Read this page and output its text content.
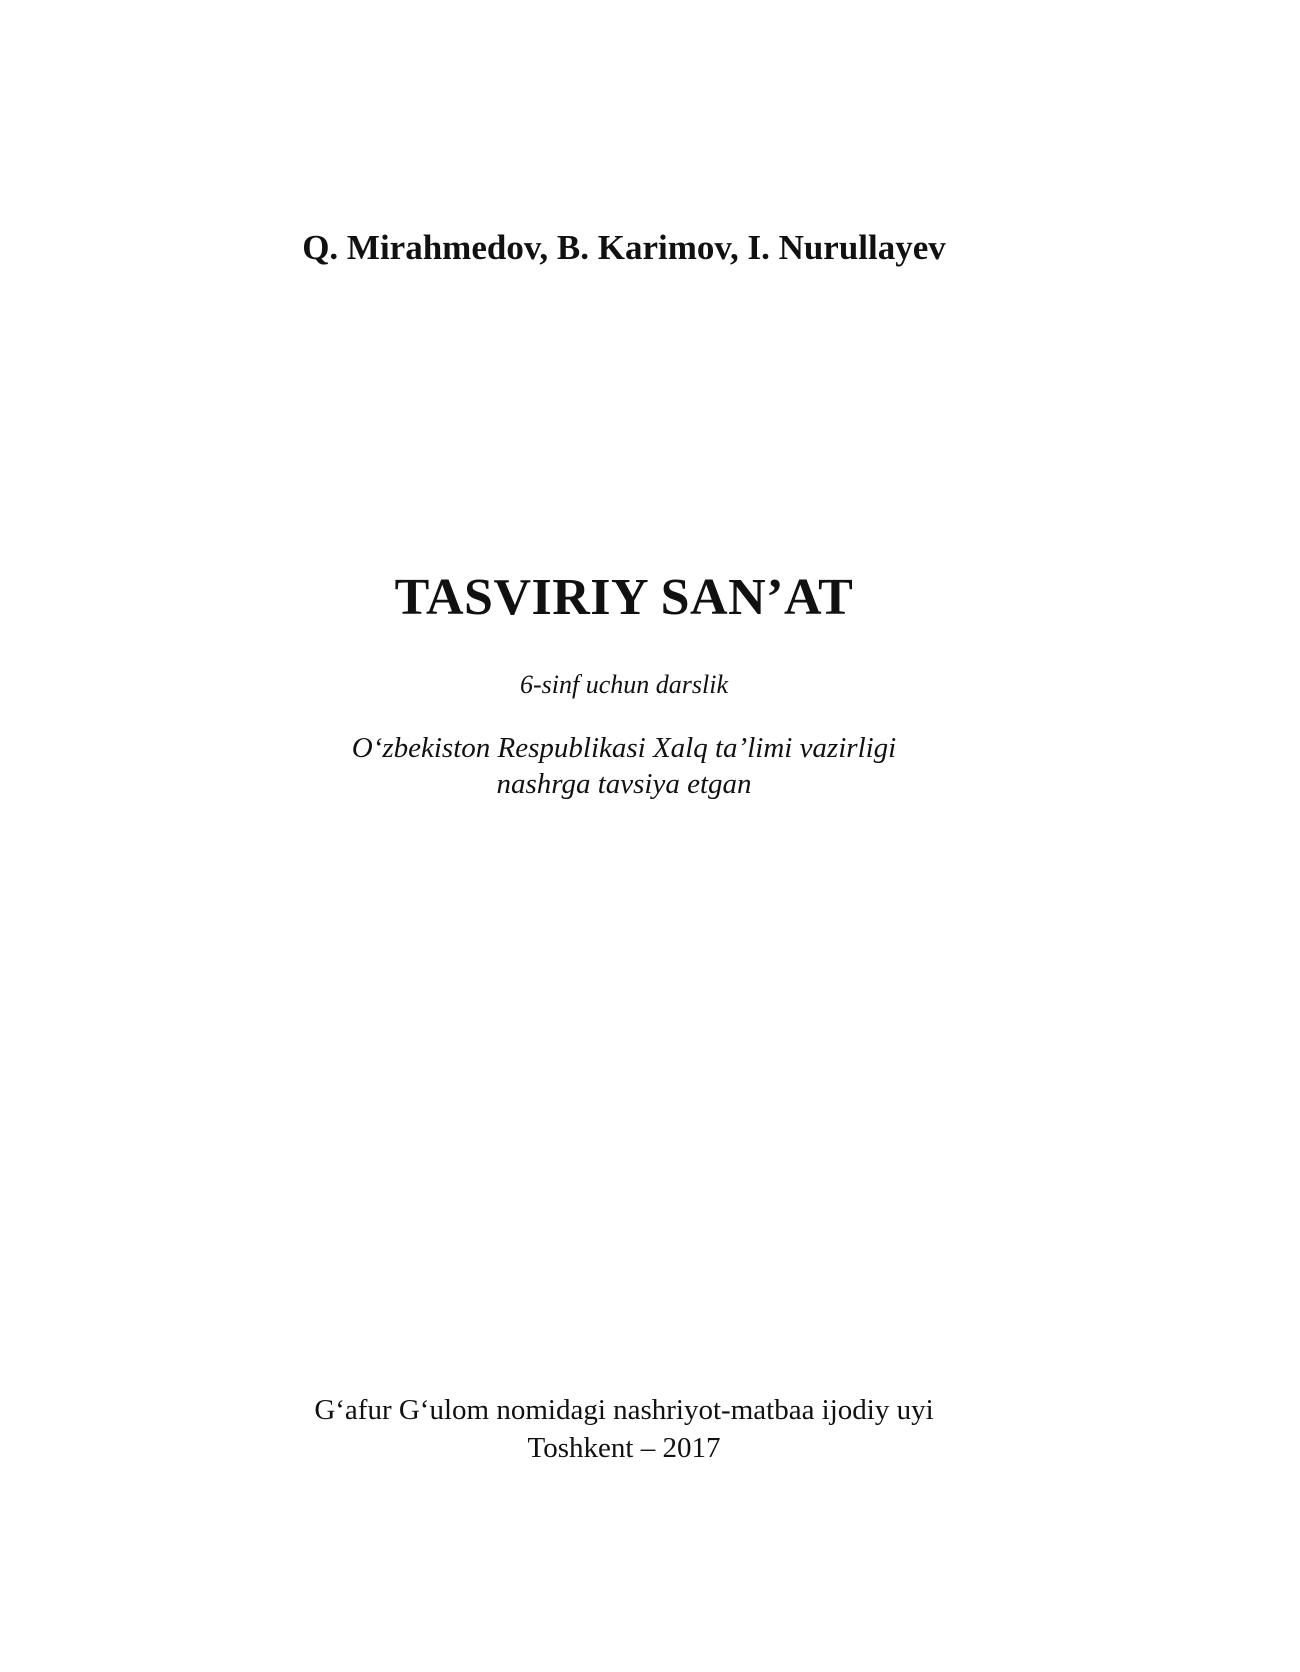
Q. Mirahmedov, B. Karimov, I. Nurullayev
TASVIRIY SAN’AT
6-sinf uchun darslik
O‘zbekiston Respublikasi Xalq ta’limi vazirligi
nashrga tavsiya etgan
G‘afur G‘ulom nomidagi nashriyot-matbaa ijodiy uyi
Toshkent – 2017
